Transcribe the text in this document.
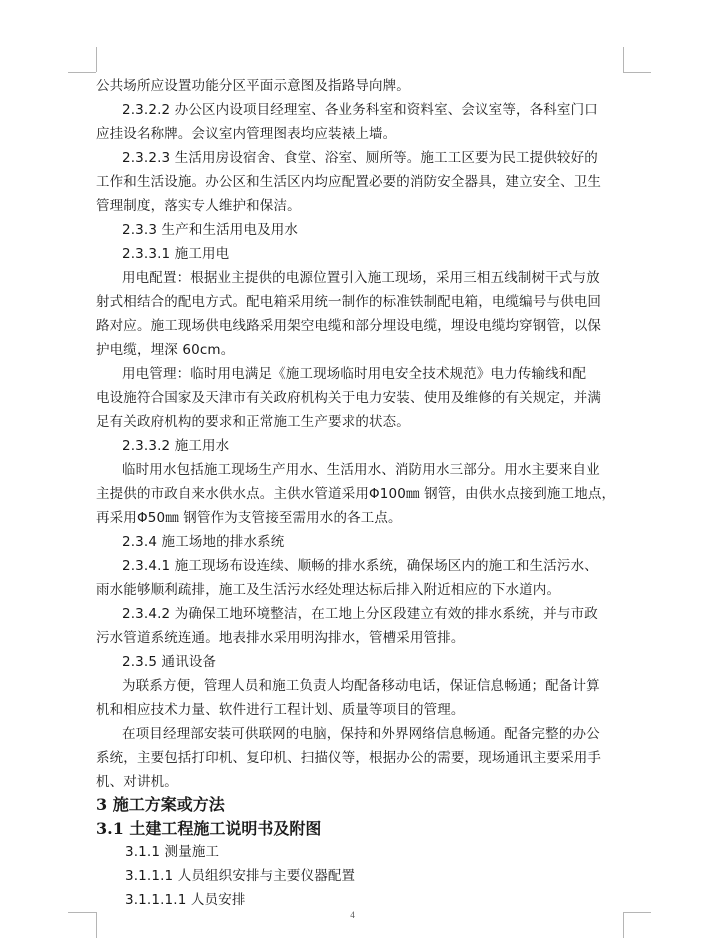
公共场所应设置功能分区平面示意图及指路导向牌。

2.3.2.2 办公区内设项目经理室、各业务科室和资料室、会议室等，各科室门口

应挂设名称牌。会议室内管理图表均应装裱上墙。

2.3.2.3 生活用房设宿舍、食堂、浴室、厕所等。施工工区要为民工提供较好的

工作和生活设施。办公区和生活区内均应配置必要的消防安全器具，建立安全、卫生

管理制度，落实专人维护和保洁。

2.3.3 生产和生活用电及用水

2.3.3.1 施工用电

用电配置：根据业主提供的电源位置引入施工现场，采用三相五线制树干式与放

射式相结合的配电方式。配电箱采用统一制作的标准铁制配电箱，电缆编号与供电回

路对应。施工现场供电线路采用架空电缆和部分埋设电缆，埋设电缆均穿钢管，以保

护电缆，埋深 60cm。

用电管理：临时用电满足《施工现场临时用电安全技术规范》电力传输线和配

电设施符合国家及天津市有关政府机构关于电力安装、使用及维修的有关规定，并满

足有关政府机构的要求和正常施工生产要求的状态。

2.3.3.2 施工用水

临时用水包括施工现场生产用水、生活用水、消防用水三部分。用水主要来自业

主提供的市政自来水供水点。主供水管道采用Φ100㎜ 钢管，由供水点接到施工地点，

再采用Φ50㎜ 钢管作为支管接至需用水的各工点。

2.3.4 施工场地的排水系统

2.3.4.1 施工现场布设连续、顺畅的排水系统，确保场区内的施工和生活污水、

雨水能够顺利疏排，施工及生活污水经处理达标后排入附近相应的下水道内。

2.3.4.2 为确保工地环境整洁，在工地上分区段建立有效的排水系统，并与市政

污水管道系统连通。地表排水采用明沟排水，管槽采用管排。

2.3.5 通讯设备

为联系方便，管理人员和施工负责人均配备移动电话，保证信息畅通；配备计算

机和相应技术力量、软件进行工程计划、质量等项目的管理。

在项目经理部安装可供联网的电脑，保持和外界网络信息畅通。配备完整的办公

系统，主要包括打印机、复印机、扫描仪等，根据办公的需要，现场通讯主要采用手

机、对讲机。

3 施工方案或方法
3.1 土建工程施工说明书及附图

3.1.1 测量施工

3.1.1.1 人员组织安排与主要仪器配置

3.1.1.1.1 人员安排

4
